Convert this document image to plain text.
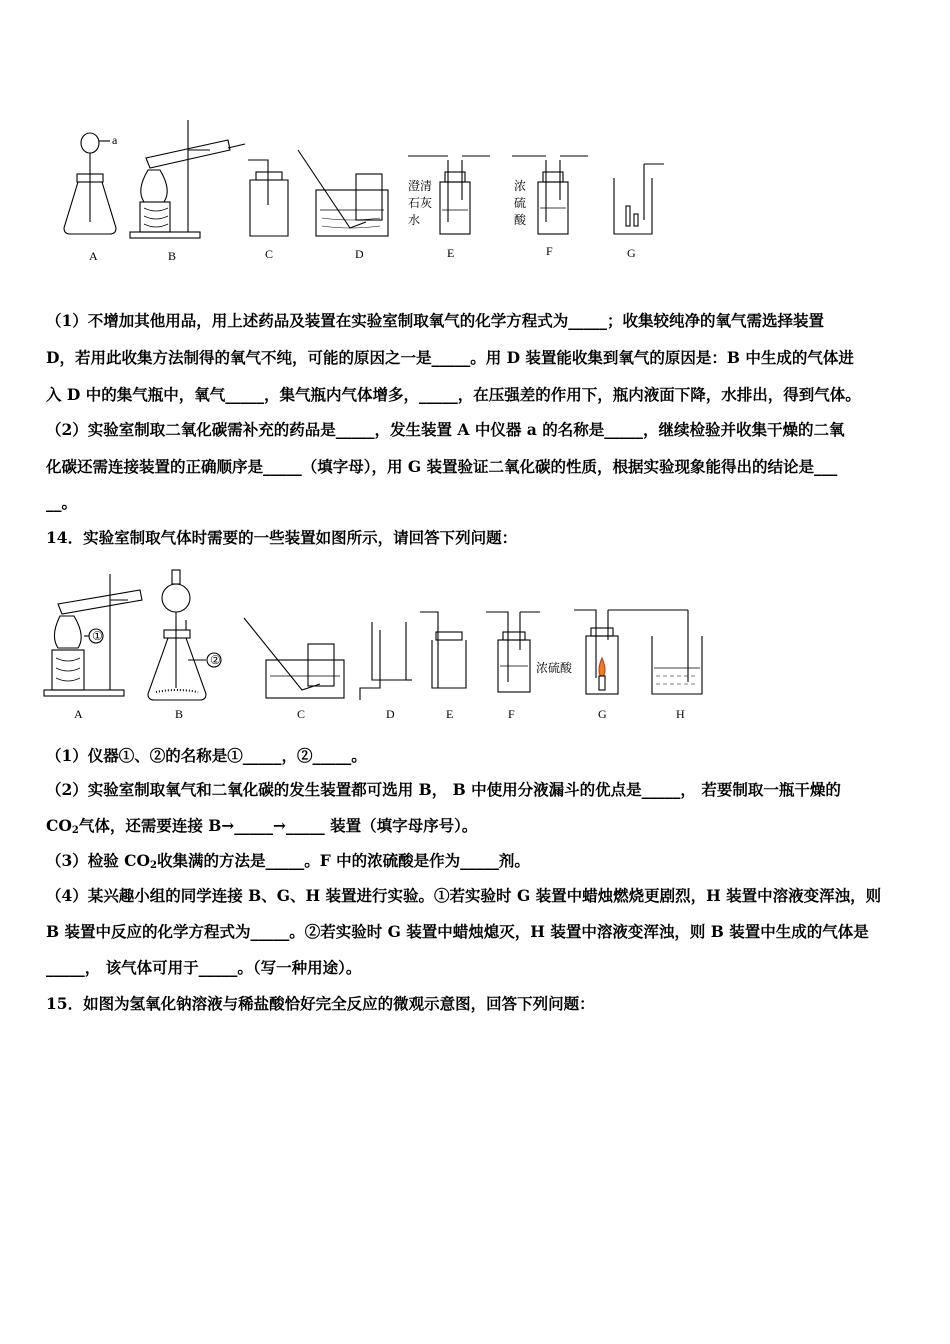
a
澄清
石灰
水
浓
硫
酸
A	B	C	D	E	F	G
（1）不增加其他用品，用上述药品及装置在实验室制取氧气的化学方程式为_____；收集较纯净的氧气需选择装置
D，若用此收集方法制得的氧气不纯，可能的原因之一是_____。用 D 装置能收集到氧气的原因是：B 中生成的气体进
入 D 中的集气瓶中，氧气_____，集气瓶内气体增多，_____，在压强差的作用下，瓶内液面下降，水排出，得到气体。
（2）实验室制取二氧化碳需补充的药品是_____，发生装置 A 中仪器 a 的名称是_____，继续检验并收集干燥的二氧
化碳还需连接装置的正确顺序是_____（填字母），用 G 装置验证二氧化碳的性质，根据实验现象能得出的结论是___
__。
14．实验室制取气体时需要的一些装置如图所示，请回答下列问题：
①
②
浓硫酸
A	B	C	D	E	F	G	H
（1）仪器①、②的名称是①_____，②_____。
（2）实验室制取氧气和二氧化碳的发生装置都可选用 B， B 中使用分液漏斗的优点是_____， 若要制取一瓶干燥的
$CO_2$气体，还需要连接 B→_____→_____ 装置（填字母序号）。
（3）检验 $CO_2$收集满的方法是_____。F 中的浓硫酸是作为_____剂。
（4）某兴趣小组的同学连接 B、G、H 装置进行实验。①若实验时 G 装置中蜡烛燃烧更剧烈，H 装置中溶液变浑浊，则
B 装置中反应的化学方程式为_____。②若实验时 G 装置中蜡烛熄灭，H 装置中溶液变浑浊，则 B 装置中生成的气体是
_____， 该气体可用于_____。（写一种用途）。
15．如图为氢氧化钠溶液与稀盐酸恰好完全反应的微观示意图，回答下列问题：
